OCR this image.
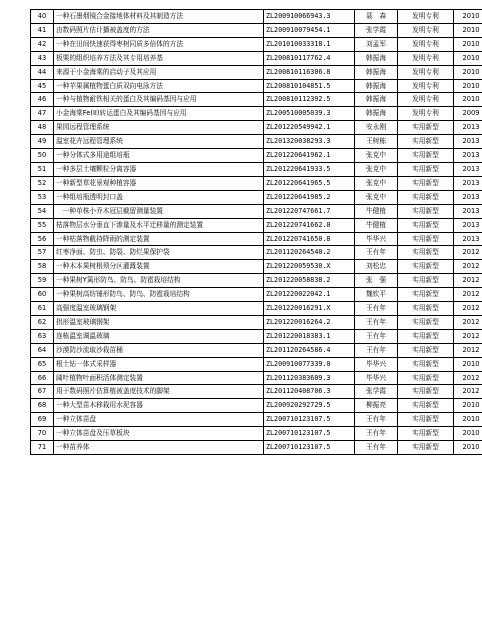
40	一种石墨烟镜合金接地体材料及其制造方法	ZL200910066943.3	聂　森	发明专利	2010
41	由数码照片估计播被盖度的方法	ZL200910079454.1	张学霞	发明专利	2010
42	一种在田间快速获得枣树同质多倍体的方法	ZL201010033318.1	刘孟军	发明专利	2010
43	板栗的组织培养方法及其专用培养基	ZL200810117762.4	韩振海	发明专利	2010
44	来源于小金海棠的启动子及其应用	ZL200810116306.8	韩振海	发明专利	2010
45	一种苹果属植物蛋白质双向电泳方法	ZL200810104851.5	韩振海	发明专利	2010
46	一种与植物耐铁相关的蛋白及其编码基因与应用	ZL200810112392.5	韩振海	发明专利	2010
47	小金海棠Fe(II)转运蛋白及其编码基因与应用	ZL200510005039.3	韩振海	发明专利	2009
48	果园远程管理系统	ZL201220549942.1	安永刚	实用新型	2013
49	温室花卉远程管理系统	ZL201320038293.3	王树栋	实用新型	2013
50	一种分体式多用途组培瓶	ZL201220641962.1	张克中	实用新型	2013
51	一种多层土壤颗粒分离容器	ZL201220641933.5	张克中	实用新型	2013
52	一种新型草花景观种植容器	ZL201220641965.5	张克中	实用新型	2013
53	一种组培瓶透明封口盖	ZL201220641985.2	张克中	实用新型	2013
54	　一种单株小乔木冠层截留测量装置	ZL201220747661.7	牛健植	实用新型	2013
55	枯落物层水分垂直下渗量及水平迁移量的测定装置	ZL201220741662.0	牛健植	实用新型	2013
56	一种枯落物截持降雨的测定装置	ZL201220741650.8	毕华兴	实用新型	2013
57	红枣净面、防虫、防裂、防烂果保护袋	ZL201120264540.2	王有年	实用新型	2012
58	一种木本果树根须分区灌溉装置	ZL201220059530.X	刘松忠	实用新型	2012
59	一种果树Y篱形防鸟、防鸟、防雹栽培结构	ZL201220058838.2	张　强	实用新型	2012
60	一种果树高纺锤形防鸟、防鸟、防雹栽培结构	ZL201220022042.1	魏钦平	实用新型	2012
61	高强度温室玻璃钢架	ZL201220016291.X	王有年	实用新型	2012
62	拱形温室玻璃钢架	ZL201220016264.2	王有年	实用新型	2012
63	连栋温室调温玻璃	ZL201220018383.1	王有年	实用新型	2012
64	沙漠防沙流取沙栽苗桶	ZL201120264586.4	王有年	实用新型	2012
65	根土钻一体式采样器	ZL200910077339.0	毕华兴	实用新型	2010
66	阔叶植物叶面积活体测定装置	ZL201120383609.3	毕华兴	实用新型	2012
67	用于数码照片估算植被盖度技术的脚架	ZL201120408706.3	张学霞	实用新型	2012
68	一种大型苗木移栽用水泥容器	ZL200920292729.5	柳振亮	实用新型	2010
69	一种立体苗盘	ZL200710123107.5	王有年	实用新型	2010
70	一种立体苗盘及压草板块	ZL200710123107.5	王有年	实用新型	2010
71	一种苗养体	ZL200710123107.5	王有年	实用新型	2010
